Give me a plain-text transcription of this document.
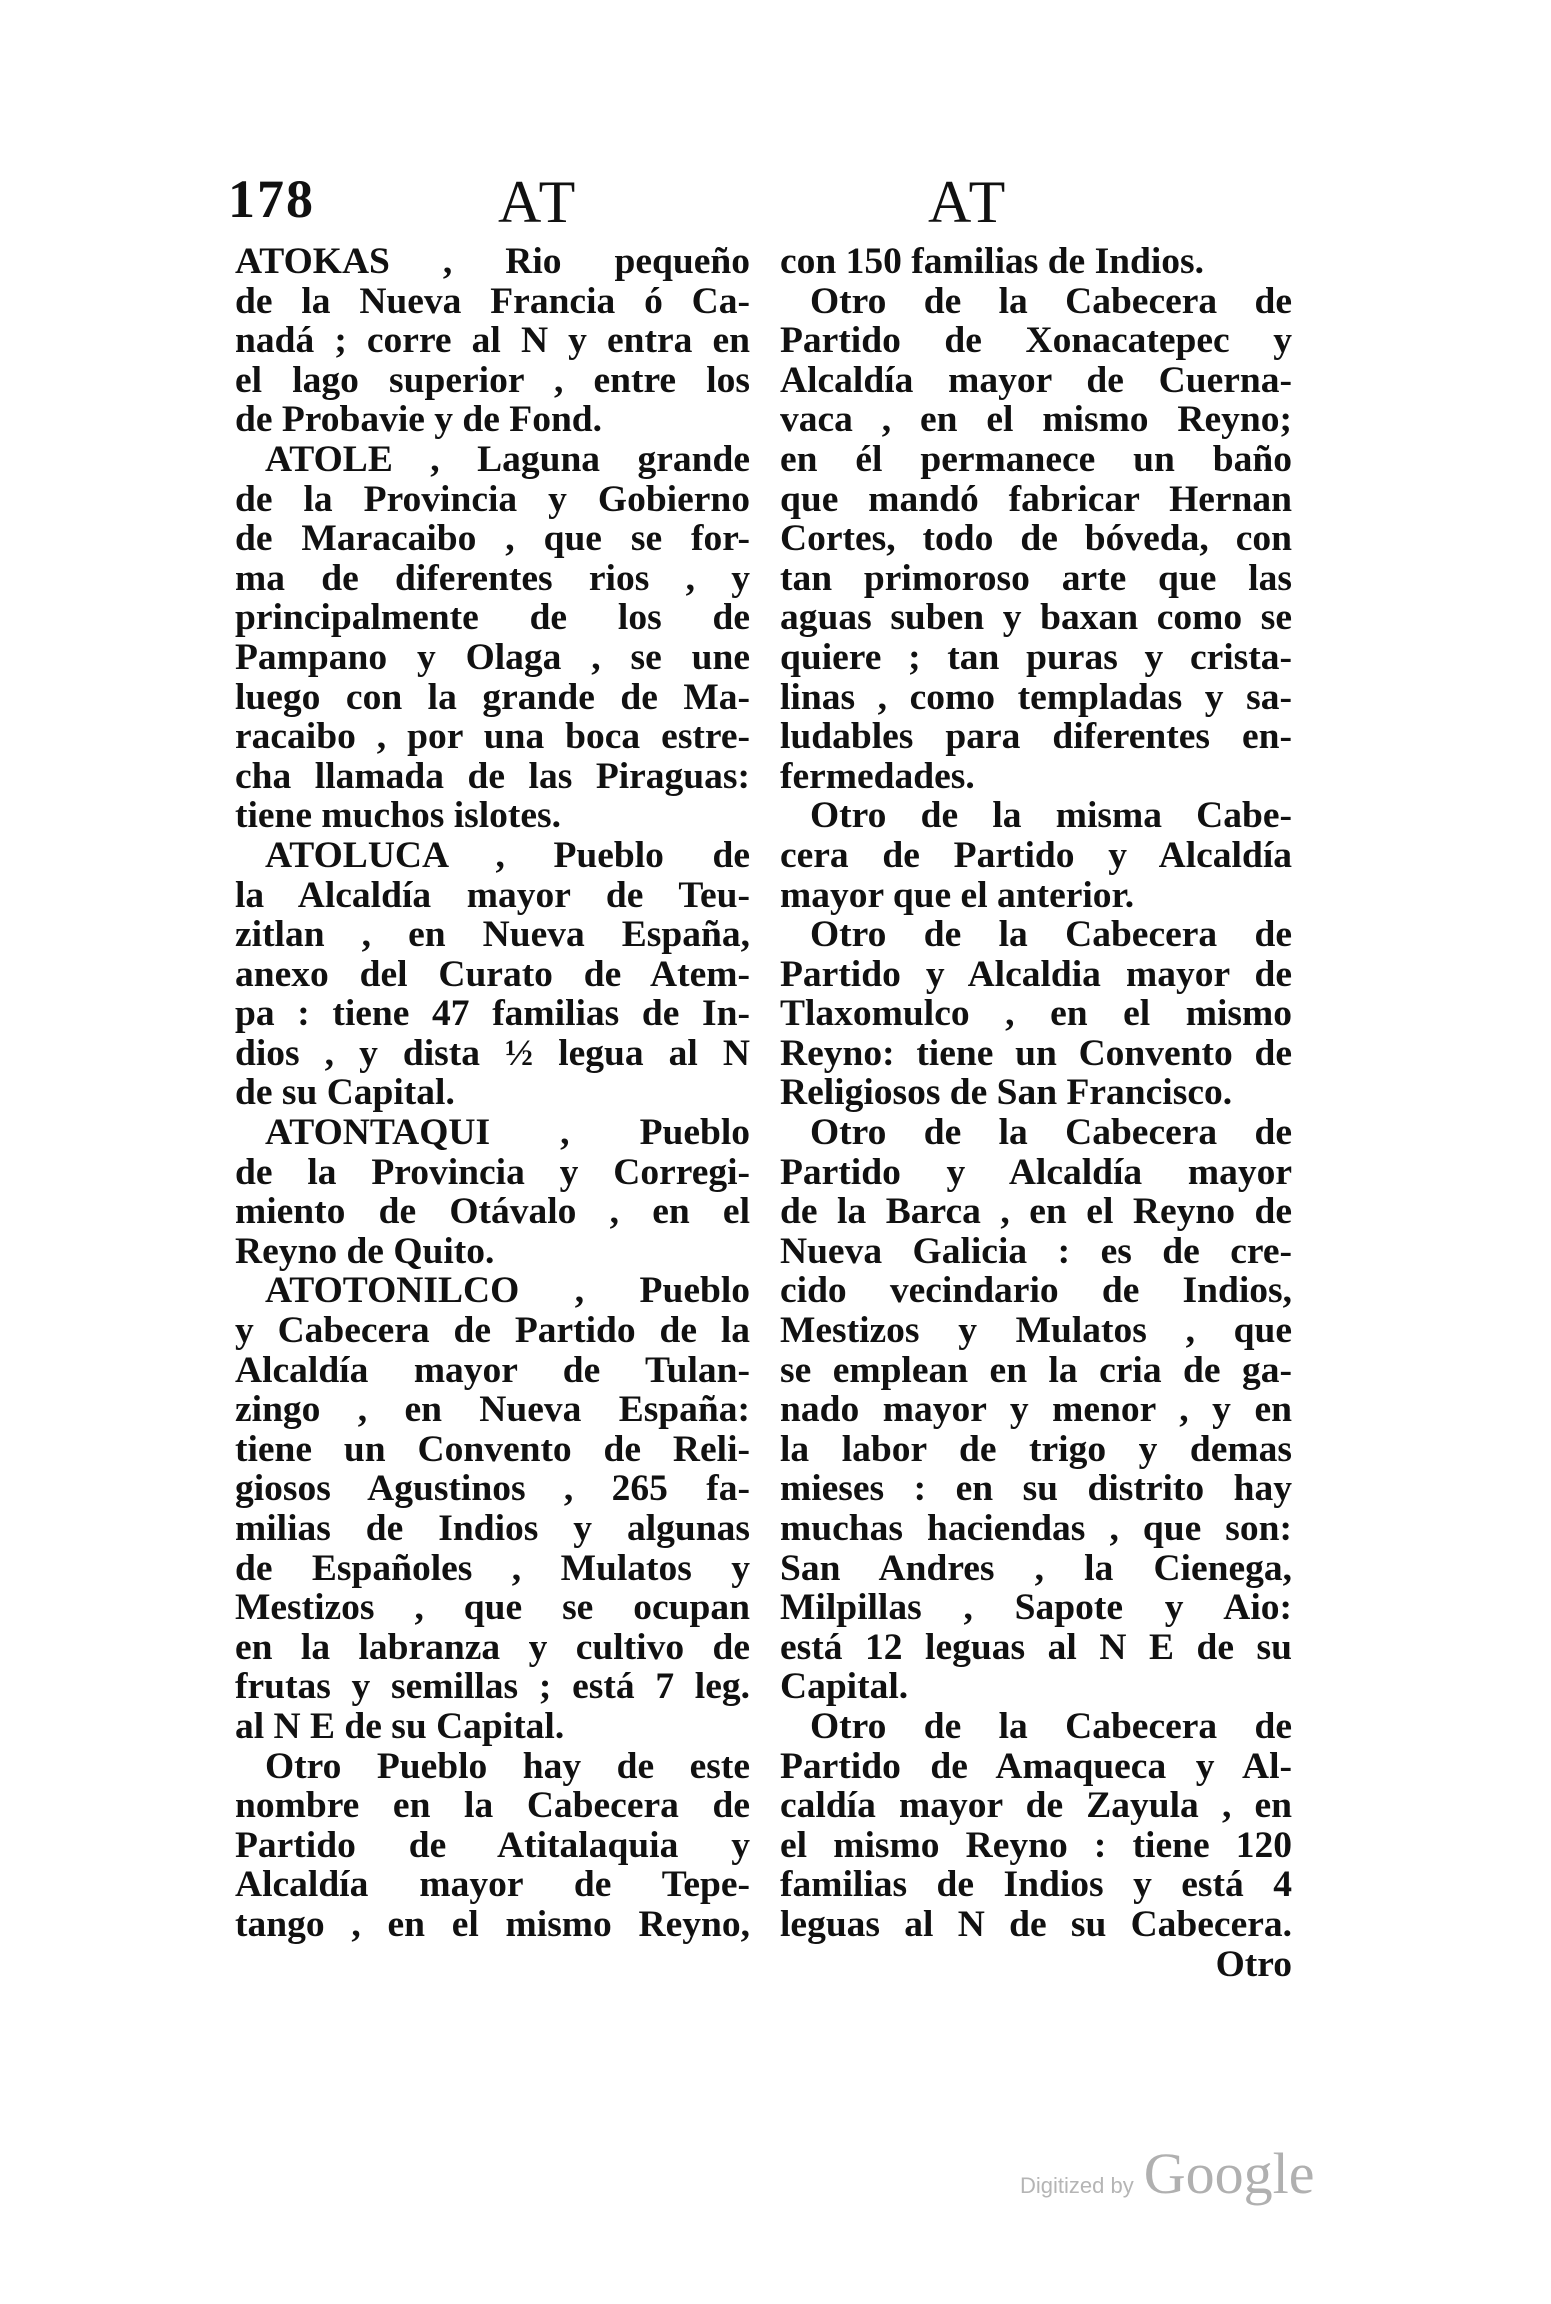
178	AT	AT
ATOKAS , Rio pequeño
de la Nueva Francia ó Ca-
nadá ; corre al N y entra en
el lago superior , entre los
de Probavie y de Fond.
ATOLE , Laguna grande
de la Provincia y Gobierno
de Maracaibo , que se for-
ma de diferentes rios , y
principalmente de los de
Pampano y Olaga , se une
luego con la grande de Ma-
racaibo , por una boca estre-
cha llamada de las Piraguas:
tiene muchos islotes.
ATOLUCA , Pueblo de
la Alcaldía mayor de Teu-
zitlan , en Nueva España,
anexo del Curato de Atem-
pa : tiene 47 familias de In-
dios , y dista ½ legua al N
de su Capital.
ATONTAQUI , Pueblo
de la Provincia y Corregi-
miento de Otávalo , en el
Reyno de Quito.
ATOTONILCO , Pueblo
y Cabecera de Partido de la
Alcaldía mayor de Tulan-
zingo , en Nueva España:
tiene un Convento de Reli-
giosos Agustinos , 265 fa-
milias de Indios y algunas
de Españoles , Mulatos y
Mestizos , que se ocupan
en la labranza y cultivo de
frutas y semillas ; está 7 leg.
al N E de su Capital.
Otro Pueblo hay de este
nombre en la Cabecera de
Partido de Atitalaquia y
Alcaldía mayor de Tepe-
tango , en el mismo Reyno,
con 150 familias de Indios.
Otro de la Cabecera de
Partido de Xonacatepec y
Alcaldía mayor de Cuerna-
vaca , en el mismo Reyno;
en él permanece un baño
que mandó fabricar Hernan
Cortes, todo de bóveda, con
tan primoroso arte que las
aguas suben y baxan como se
quiere ; tan puras y crista-
linas , como templadas y sa-
ludables para diferentes en-
fermedades.
Otro de la misma Cabe-
cera de Partido y Alcaldía
mayor que el anterior.
Otro de la Cabecera de
Partido y Alcaldia mayor de
Tlaxomulco , en el mismo
Reyno: tiene un Convento de
Religiosos de San Francisco.
Otro de la Cabecera de
Partido y Alcaldía mayor
de la Barca , en el Reyno de
Nueva Galicia : es de cre-
cido vecindario de Indios,
Mestizos y Mulatos , que
se emplean en la cria de ga-
nado mayor y menor , y en
la labor de trigo y demas
mieses : en su distrito hay
muchas haciendas , que son:
San Andres , la Cienega,
Milpillas , Sapote y Aio:
está 12 leguas al N E de su
Capital.
Otro de la Cabecera de
Partido de Amaqueca y Al-
caldía mayor de Zayula , en
el mismo Reyno : tiene 120
familias de Indios y está 4
leguas al N de su Cabecera.
Otro
Digitized by Google
